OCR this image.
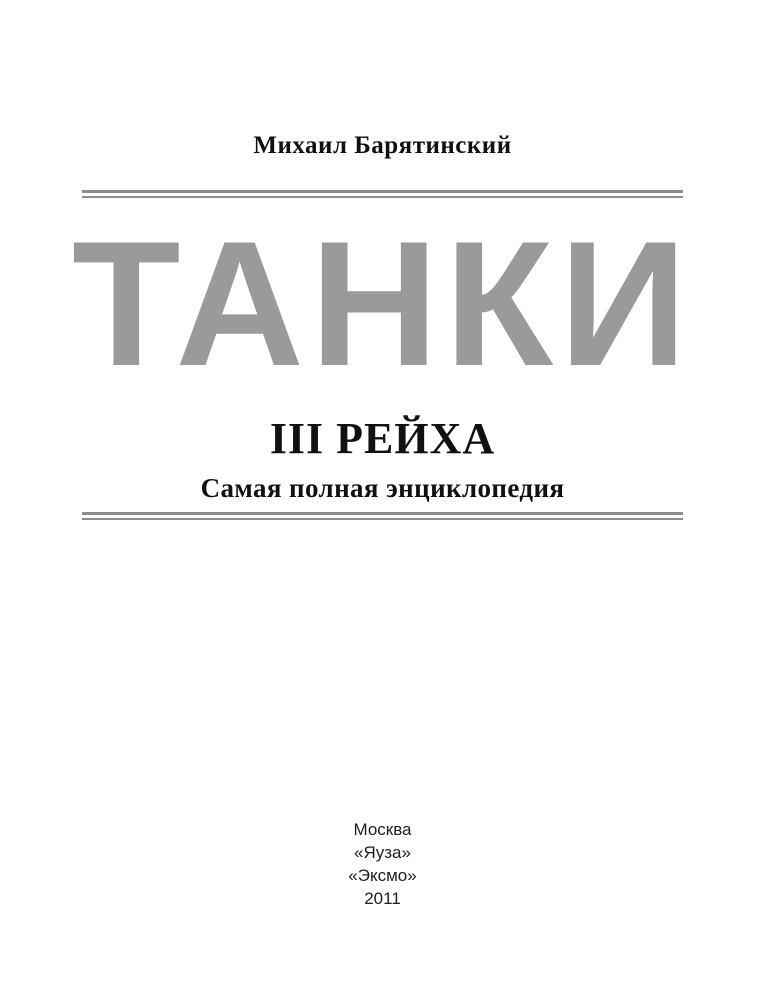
Михаил Барятинский
ТАНКИ
III РЕЙХА
Самая полная энциклопедия
Москва
«Яуза»
«Эксмо»
2011
